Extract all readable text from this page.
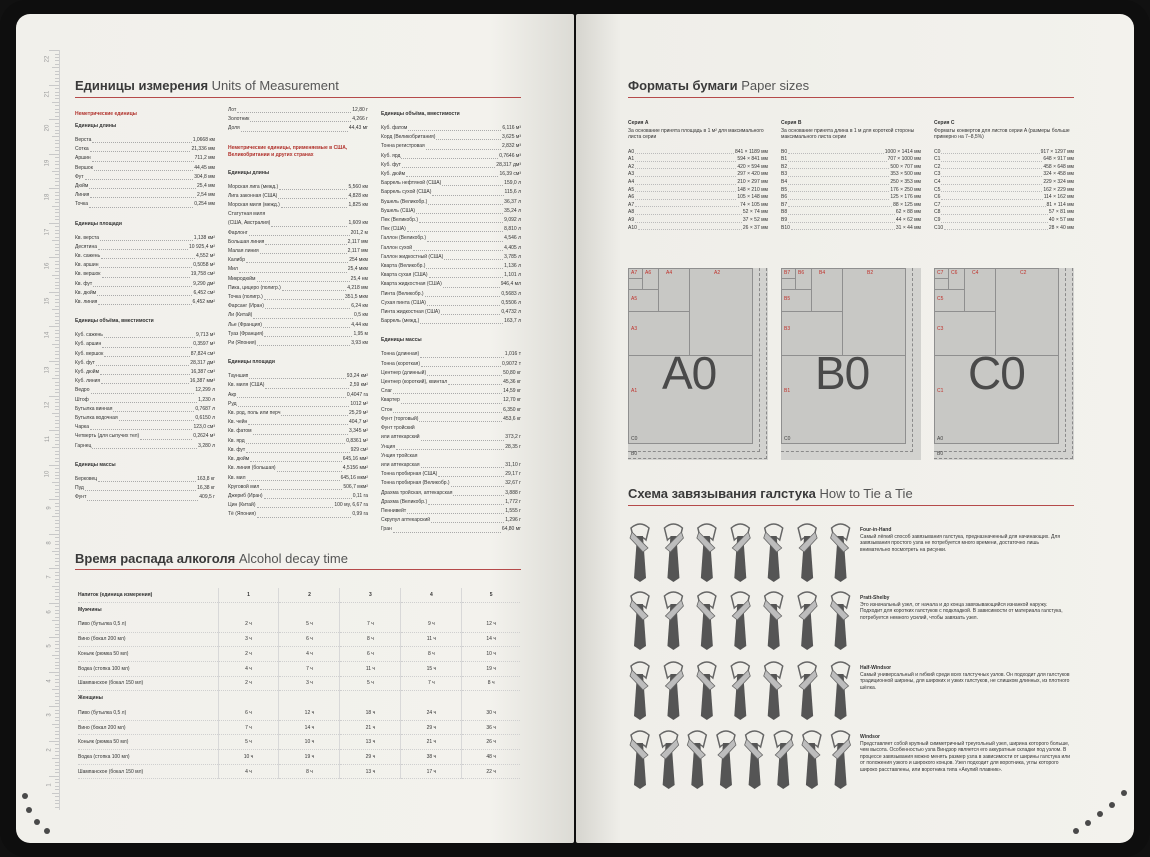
22
21
20
19
18
17
16
15
14
13
12
11
10
9
8
7
6
5
4
3
2
1
Единицы измерения Units of Measurement
Неметрические единицы
Единицы длины
Верста	1,0668 км
Сотка	21,336 мм
Аршин	711,2 мм
Вершок	44,45 мм
Фут	304,8 мм
Дюйм	25,4 мм
Линия	2,54 мм
Точка	0,254 мм
Единицы площади
Кв. верста	1,138 км²
Десятина	10 925,4 м²
Кв. сажень	4,552 м²
Кв. аршин	0,5058 м²
Кв. вершок	19,758 см²
Кв. фут	9,290 дм²
Кв. дюйм	6,452 см²
Кв. линия	6,452 мм²
Единицы объёма, вместимости
Куб. сажень	9,713 м³
Куб. аршин	0,3597 м³
Куб. вершок	87,824 см³
Куб. фут	28,317 дм³
Куб. дюйм	16,387 см³
Куб. линия	16,387 мм³
Ведро	12,299 л
Штоф	1,230 л
Бутылка винная	0,7687 л
Бутылка водочная	0,6150 л
Чарка	123,0 см³
Четверть (для сыпучих тел)	0,2624 м³
Гарнец	3,280 л
Единицы массы
Берковец	163,8 кг
Пуд	16,38 кг
Фунт	409,5 г
Лот	12,80 г
Золотник	4,266 г
Доля	44,43 мг
Неметрические единицы, применяемые в США, Великобритании и других странах
Единицы длины
Морская лига (межд.)	5,560 км
Лига законная (США)	4,828 км
Морская миля (межд.)	1,825 км
Статутная миля
(США, Австралия)	1,609 км
Фарлонг	201,2 м
Большая линия	2,117 мм
Малая линия	2,117 мм
Калибр	254 мкм
Мил	25,4 мкм
Микродюйм	25,4 нм
Пика, цицеро (полигр.)	4,218 мм
Точка (полигр.)	351,5 мкм
Фарсанг (Иран)	6,24 км
Ли (Китай)	0,5 км
Лье (Франция)	4,44 км
Туаз (Франция)	1,95 м
Ри (Япония)	3,93 км
Единицы площади
Тауншип	93,24 км²
Кв. миля (США)	2,59 км²
Акр	0,4047 га
Руд	1012 м²
Кв. род, поль или перч	25,29 м²
Кв. чейн	404,7 м²
Кв. фатом	3,345 м²
Кв. ярд	0,8361 м²
Кв. фут	929 см²
Кв. дюйм	645,16 мм²
Кв. линия (большая)	4,5156 мм²
Кв. мил	645,16 мкм²
Круговой мил	506,7 мкм²
Джериб (Иран)	0,11 га
Цин (Китай)	100 му, 6,67 га
Тё (Япония)	0,99 га
Единицы объёма, вместимости
Куб. фатом	6,116 м³
Корд (Великобритания)	3,625 м³
Тонна регистровая	2,832 м³
Куб. ярд	0,7646 м³
Куб. фут	28,317 дм³
Куб. дюйм	16,39 см³
Баррель нефтяной (США)	159,0 л
Баррель сухой (США)	115,6 л
Бушель (Великобр.)	36,37 л
Бушель (США)	35,24 л
Пек (Великобр.)	9,092 л
Пек (США)	8,810 л
Галлон (Великобр.)	4,546 л
Галлон сухой	4,405 л
Галлон жидкостный (США)	3,785 л
Кварта (Великобр.)	1,136 л
Кварта сухая (США)	1,101 л
Кварта жидкостная (США)	946,4 мл
Пинта (Великобр.)	0,5683 л
Сухая пинта (США)	0,5506 л
Пинта жидкостная (США)	0,4732 л
Баррель (межд.)	163,7 л
Единицы массы
Тонна (длинная)	1,016 т
Тонна (короткая)	0,9072 т
Центнер (длинный)	50,80 кг
Центнер (короткий), квинтал	45,36 кг
Слаг	14,59 кг
Квартер	12,70 кг
Стон	6,350 кг
Фунт (торговый)	453,6 кг
Фунт тройский
или аптекарский	373,2 г
Унция	28,35 г
Унция тройская
или аптекарская	31,10 г
Тонна пробирная (США)	29,17 г
Тонна пробирная (Великобр.)	32,67 г
Драхма тройская, аптекарская	3,888 г
Драхма (Великобр.)	1,772 г
Пеннивейт	1,555 г
Скрупул аптекарский	1,296 г
Гран	64,80 мг
Время распада алкоголя Alcohol decay time
Напиток (единица измерения)	1	2	3	4	5
Мужчины					
Пиво (бутылка 0,5 л)	2 ч	5 ч	7 ч	9 ч	12 ч
Вино (бокал 200 мл)	3 ч	6 ч	8 ч	11 ч	14 ч
Коньяк (рюмка 50 мл)	2 ч	4 ч	6 ч	8 ч	10 ч
Водка (стопка 100 мл)	4 ч	7 ч	11 ч	15 ч	19 ч
Шампанское (бокал 150 мл)	2 ч	3 ч	5 ч	7 ч	8 ч
Женщины					
Пиво (бутылка 0,5 л)	6 ч	12 ч	18 ч	24 ч	30 ч
Вино (бокал 200 мл)	7 ч	14 ч	21 ч	29 ч	36 ч
Коньяк (рюмка 50 мл)	5 ч	10 ч	13 ч	21 ч	26 ч
Водка (стопка 100 мл)	10 ч	19 ч	29 ч	38 ч	48 ч
Шампанское (бокал 150 мл)	4 ч	8 ч	13 ч	17 ч	22 ч
Форматы бумаги Paper sizes
Серия A
За основание принята площадь в 1 м² для максимального листа серии
A0	841 × 1189 мм
A1	594 × 841 мм
A2	420 × 594 мм
A3	297 × 420 мм
A4	210 × 297 мм
A5	148 × 210 мм
A6	105 × 148 мм
A7	74 × 105 мм
A8	52 × 74 мм
A9	37 × 52 мм
A10	26 × 37 мм
A7 A6	A4	A2
A5
A3
A1 A0
C0
B0
Серия B
За основание принята длина в 1 м для короткой стороны максимального листа серии
B0	1000 × 1414 мм
B1	707 × 1000 мм
B2	500 × 707 мм
B3	353 × 500 мм
B4	250 × 353 мм
B5	176 × 250 мм
B6	125 × 176 мм
B7	88 × 125 мм
B8	62 × 88 мм
B9	44 × 62 мм
B10	31 × 44 мм
B7 B6	B4	B2
B5
B3
B1 B0
C0
Серия C
Форматы конвертов для листов серии A (размеры больше примерно на 7–8,5%)
C0	917 × 1297 мм
C1	648 × 917 мм
C2	458 × 648 мм
C3	324 × 458 мм
C4	229 × 324 мм
C5	162 × 229 мм
C6	114 × 162 мм
C7	81 × 114 мм
C8	57 × 81 мм
C9	40 × 57 мм
C10	28 × 40 мм
C7 C6	C4	C2
C5
C3
C1 C0
A0
B0
Схема завязывания галстука How to Tie a Tie
Four-in-Hand
Самый лёгкий способ завязывания галстука, предназначенный для начинающих. Для завязывания простого узла не потребуется много времени, достаточно лишь внимательно посмотреть на рисунки.
Pratt-Shelby
Это изначальный узел, от начала и до конца завязывающийся изнанкой наружу. Подходит для коротких галстуков с подкладкой. В зависимости от материала галстука, потребуется немного усилий, чтобы завязать узел.
Half-Windsor
Самый универсальный и гибкий среди всех галстучных узлов. Он подходит для галстуков традиционной ширины, для широких и узких галстуков, не слишком длинных, из плотного шёлка.
Windsor
Представляет собой крупный симметричный треугольный узел, ширина которого больше, чем высота. Особенностью узла Виндзор является его аккуратные складки под узлом. В процессе завязывания можно менять размер узла в зависимости от ширины галстука или от положения узкого и широкого концов. Узел подходит для воротника, углы которого широко расставлены, или воротника типа «Акулий плавник».
